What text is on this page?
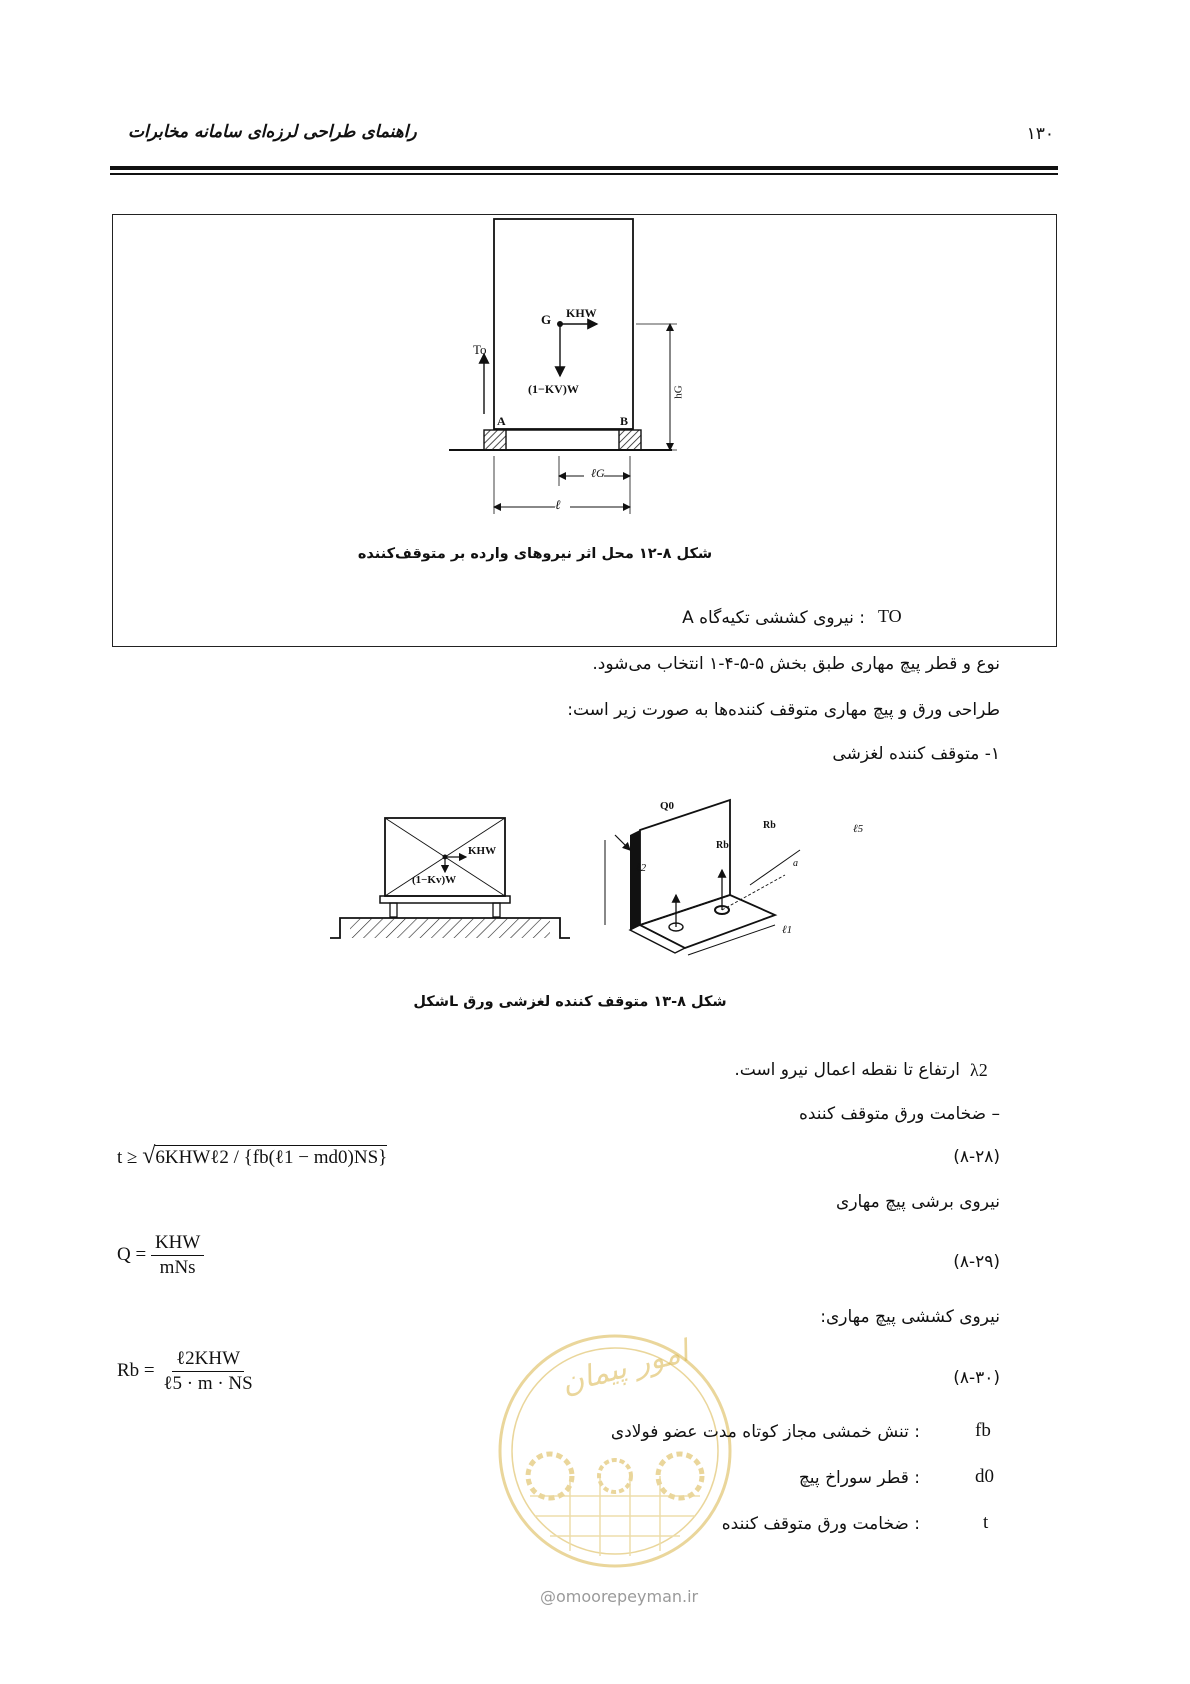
راهنمای طراحی لرزه‌ای سامانه مخابرات	۱۳۰
G KHW
(1−KV)W
To
hG
A	B
ℓG
ℓ
شکل ۸-۱۲ محل اثر نیروهای وارده بر متوقف‌کننده
TO
: نیروی کششی تکیه‌گاه A
نوع و قطر پیچ مهاری طبق بخش ۵-۵-۴-۱ انتخاب می‌شود.
طراحی ورق و پیچ مهاری متوقف کننده‌ها به صورت زیر است:
۱- متوقف کننده لغزشی
KHW
(1−Kv)W
Q0
Rb
Rb
ℓ2
ℓ5
ℓ1
a
شکل ۸-۱۳ متوقف کننده لغزشی ورق Lشکل
λ2
ارتفاع تا نقطه اعمال نیرو است.
– ضخامت ورق متوقف کننده
t ≥ √6KHWℓ2 / {fb(ℓ1 − md0)NS}	(۸-۲۸)
نیروی برشی پیچ مهاری
$Q = \frac{\text{KHW}}{\text{mNs}}$	(۸-۲۹)
نیروی کششی پیچ مهاری:
امور پیمان
@omoorepeyman.ir
$Rb = \frac{\text{ℓ2KHW}}{\text{ℓ5 · m · NS}}$	(۸-۳۰)
fb
: تنش خمشی مجاز کوتاه مدت عضو فولادی
d0
: قطر سوراخ پیچ
t
: ضخامت ورق متوقف کننده
